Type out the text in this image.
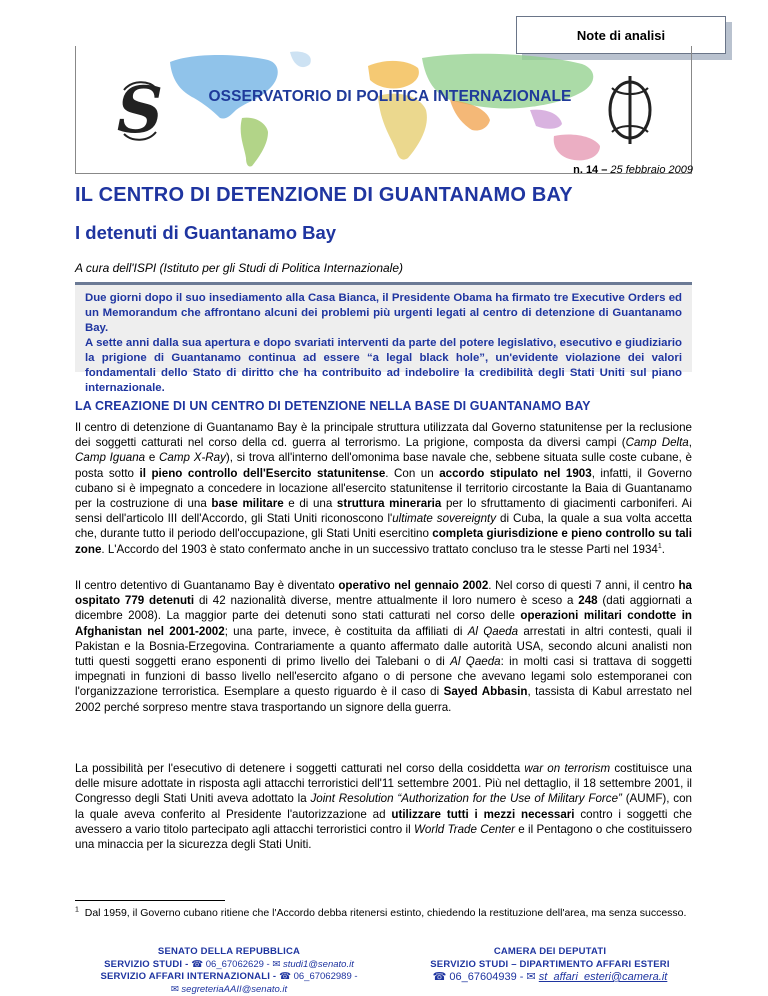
Note di analisi
S	OSSERVATORIO DI POLITICA INTERNAZIONALE
n. 14 – 25 febbraio 2009
IL CENTRO DI DETENZIONE DI GUANTANAMO BAY
I detenuti di Guantanamo Bay
A cura dell'ISPI (Istituto per gli Studi di Politica Internazionale)

Due giorni dopo il suo insediamento alla Casa Bianca, il Presidente Obama ha firmato tre Executive Orders ed un Memorandum che affrontano alcuni dei problemi più urgenti legati al centro di detenzione di Guantanamo Bay.

A sette anni dalla sua apertura e dopo svariati interventi da parte del potere legislativo, esecutivo e giudiziario la prigione di Guantanamo continua ad essere “a legal black hole”, un'evidente violazione dei valori fondamentali dello Stato di diritto che ha contribuito ad indebolire la credibilità degli Stati Uniti sul piano internazionale.

LA CREAZIONE DI UN CENTRO DI DETENZIONE NELLA BASE DI GUANTANAMO BAY

Il centro di detenzione di Guantanamo Bay è la principale struttura utilizzata dal Governo statunitense per la reclusione dei soggetti catturati nel corso della cd. guerra al terrorismo. La prigione, composta da diversi campi (Camp Delta, Camp Iguana e Camp X-Ray), si trova all'interno dell'omonima base navale che, sebbene situata sulle coste cubane, è posta sotto il pieno controllo dell'Esercito statunitense. Con un accordo stipulato nel 1903, infatti, il Governo cubano si è impegnato a concedere in locazione all'esercito statunitense il territorio circostante la Baia di Guantanamo per la costruzione di una base militare e di una struttura mineraria per lo sfruttamento di giacimenti carboniferi. Ai sensi dell'articolo III dell'Accordo, gli Stati Uniti riconoscono l'ultimate sovereignty di Cuba, la quale a sua volta accetta che, durante tutto il periodo dell'occupazione, gli Stati Uniti esercitino completa giurisdizione e pieno controllo su tali zone. L'Accordo del 1903 è stato confermato anche in un successivo trattato concluso tra le stesse Parti nel 1934$^1$.

Il centro detentivo di Guantanamo Bay è diventato operativo nel gennaio 2002. Nel corso di questi 7 anni, il centro ha ospitato 779 detenuti di 42 nazionalità diverse, mentre attualmente il loro numero è sceso a 248 (dati aggiornati a dicembre 2008). La maggior parte dei detenuti sono stati catturati nel corso delle operazioni militari condotte in Afghanistan nel 2001-2002; una parte, invece, è costituita da affiliati di Al Qaeda arrestati in altri contesti, quali il Pakistan e la Bosnia-Erzegovina. Contrariamente a quanto affermato dalle autorità USA, secondo alcuni analisti non tutti questi soggetti erano esponenti di primo livello dei Talebani o di Al Qaeda: in molti casi si trattava di soggetti impegnati in funzioni di basso livello nell'esercito afgano o di persone che avevano legami solo estemporanei con l'organizzazione terroristica. Esemplare a questo riguardo è il caso di Sayed Abbasin, tassista di Kabul arrestato nel 2002 perché sorpreso mentre stava trasportando un signore della guerra.

La possibilità per l'esecutivo di detenere i soggetti catturati nel corso della cosiddetta war on terrorism costituisce una delle misure adottate in risposta agli attacchi terroristici dell'11 settembre 2001. Più nel dettaglio, il 18 settembre 2001, il Congresso degli Stati Uniti aveva adottato la Joint Resolution “Authorization for the Use of Military Force” (AUMF), con la quale aveva conferito al Presidente l'autorizzazione ad utilizzare tutti i mezzi necessari contro i soggetti che avessero a vario titolo partecipato agli attacchi terroristici contro il World Trade Center e il Pentagono o che costituissero una minaccia per la sicurezza degli Stati Uniti.

$^1$ Dal 1959, il Governo cubano ritiene che l'Accordo debba ritenersi estinto, chiedendo la restituzione dell'area, ma senza successo.

SENATO DELLA REPUBBLICA
SERVIZIO STUDI - ☎ 06_67062629 - ✉ studi1@senato.it
SERVIZIO AFFARI INTERNAZIONALI - ☎ 06_67062989 -
✉ segreteriaAAII@senato.it
CAMERA DEI DEPUTATI
SERVIZIO STUDI – DIPARTIMENTO AFFARI ESTERI
☎ 06_67604939 - ✉ st_affari_esteri@camera.it
